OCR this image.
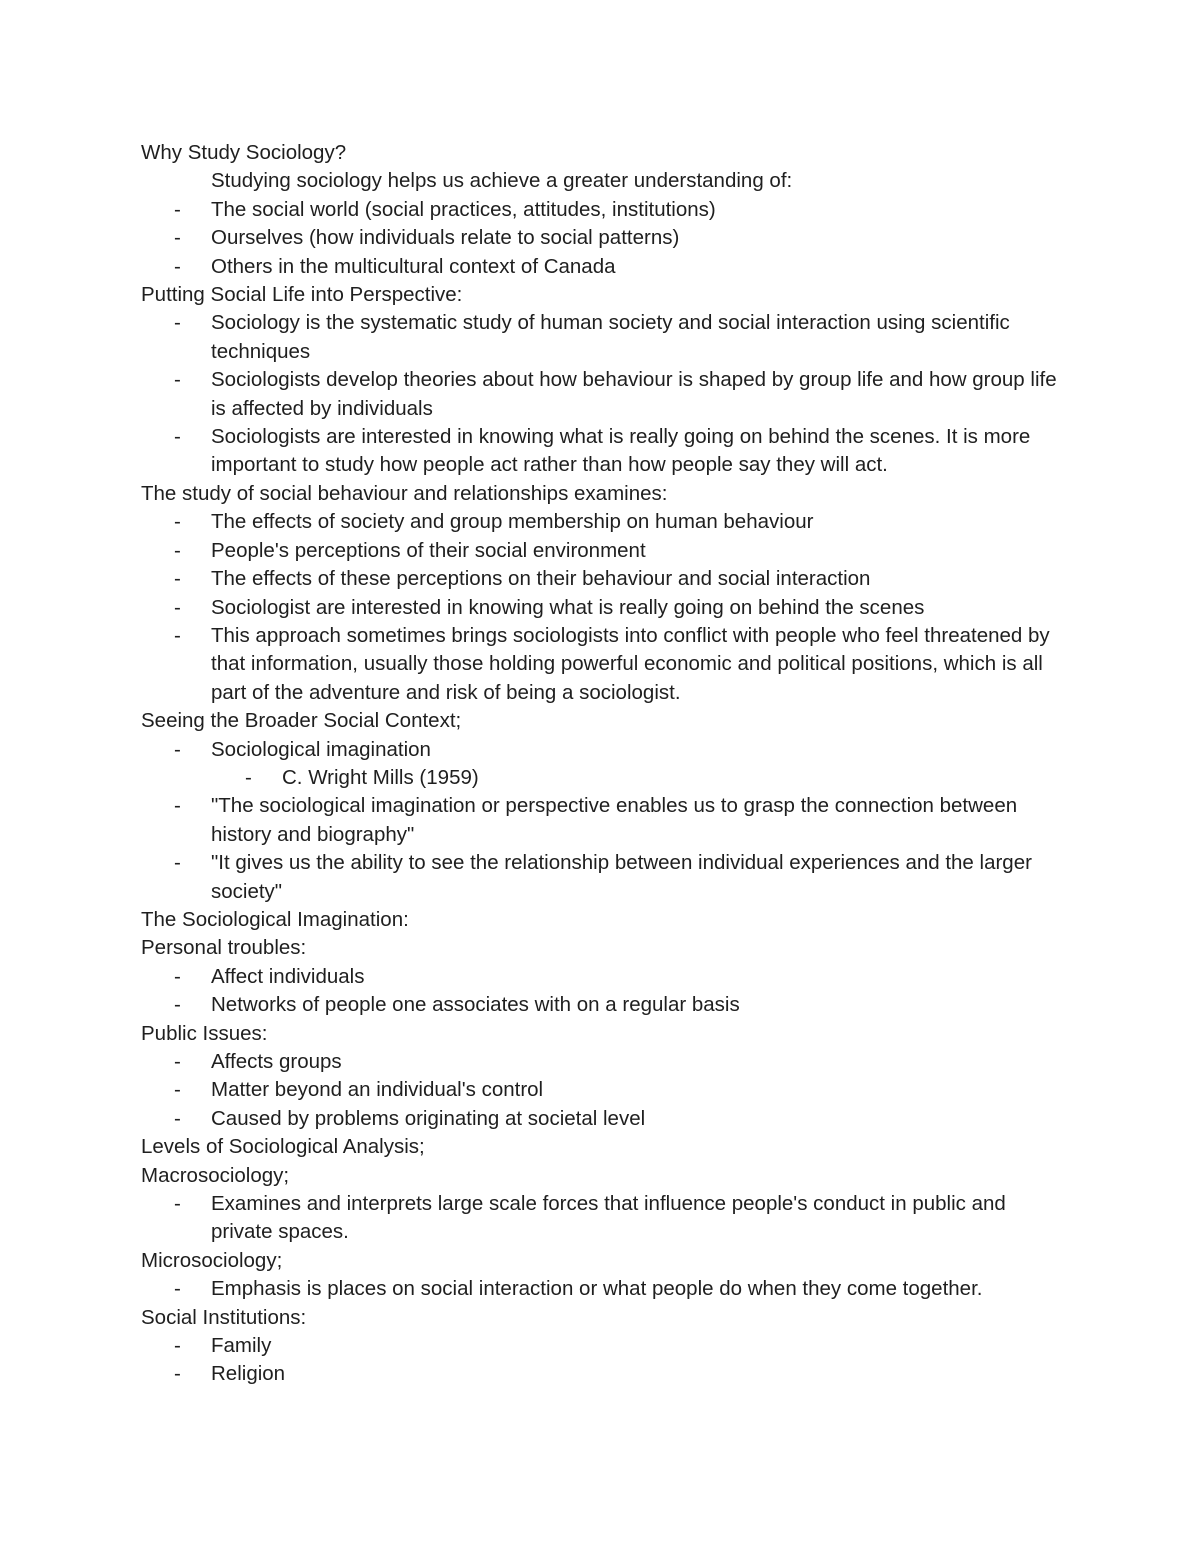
Why Study Sociology?

Studying sociology helps us achieve a greater understanding of:

- The social world (social practices, attitudes, institutions)

- Ourselves (how individuals relate to social patterns)

- Others in the multicultural context of Canada

Putting Social Life into Perspective:

- Sociology is the systematic study of human society and social interaction using scientific techniques

- Sociologists develop theories about how behaviour is shaped by group life and how group life is affected by individuals

- Sociologists are interested in knowing what is really going on behind the scenes. It is more important to study how people act rather than how people say they will act.

The study of social behaviour and relationships examines:

- The effects of society and group membership on human behaviour

- People's perceptions of their social environment

- The effects of these perceptions on their behaviour and social interaction

- Sociologist are interested in knowing what is really going on behind the scenes

- This approach sometimes brings sociologists into conflict with people who feel threatened by that information, usually those holding powerful economic and political positions, which is all part of the adventure and risk of being a sociologist.

Seeing the Broader Social Context;

- Sociological imagination

- C. Wright Mills (1959)

- "The sociological imagination or perspective enables us to grasp the connection between history and biography"

- "It gives us the ability to see the relationship between individual experiences and the larger society"

The Sociological Imagination:

Personal troubles:

- Affect individuals

- Networks of people one associates with on a regular basis

Public Issues:

- Affects groups

- Matter beyond an individual's control

- Caused by problems originating at societal level

Levels of Sociological Analysis;

Macrosociology;

- Examines and interprets large scale forces that influence people's conduct in public and private spaces.

Microsociology;

- Emphasis is places on social interaction or what people do when they come together.

Social Institutions:

- Family

- Religion
